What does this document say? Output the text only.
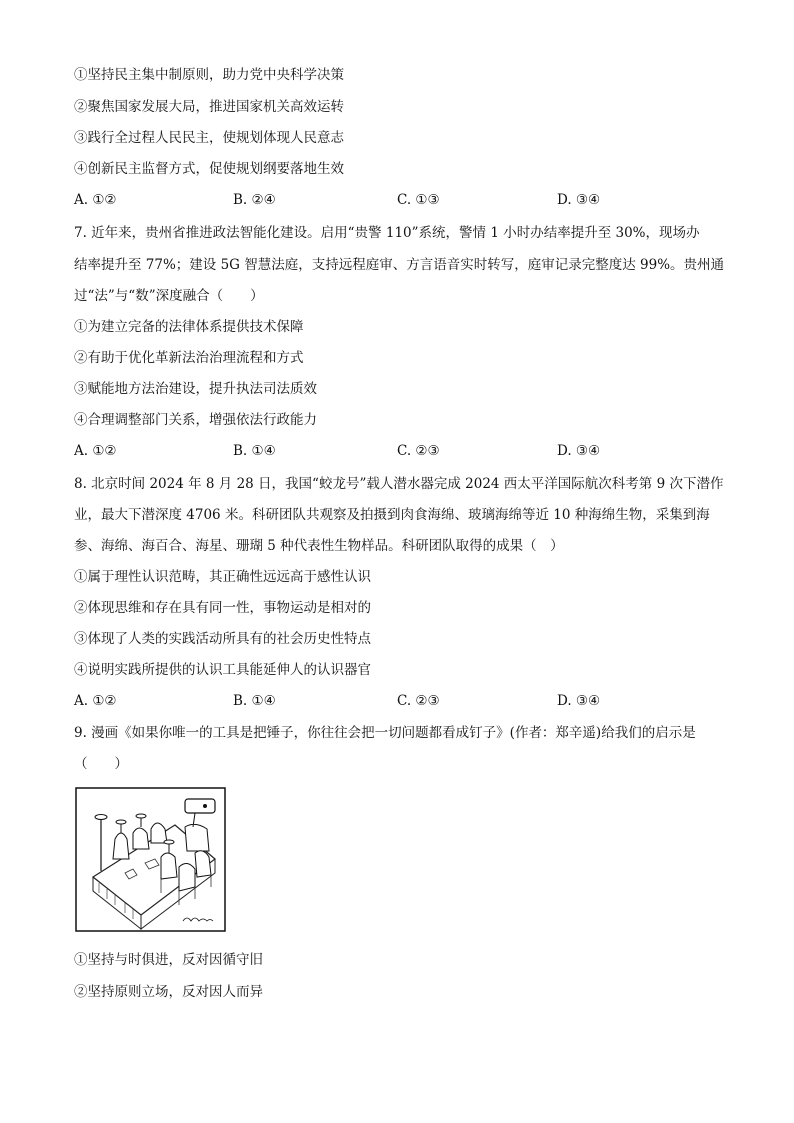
①坚持民主集中制原则，助力党中央科学决策
②聚焦国家发展大局，推进国家机关高效运转
③践行全过程人民民主，使规划体现人民意志
④创新民主监督方式，促使规划纲要落地生效
A. ①②	B. ②④	C. ①③	D. ③④
7. 近年来，贵州省推进政法智能化建设。启用“贵警 110”系统，警情 1 小时办结率提升至 30%，现场办
结率提升至 77%；建设 5G 智慧法庭，支持远程庭审、方言语音实时转写，庭审记录完整度达 99%。贵州通
过“法”与“数”深度融合（　　）
①为建立完备的法律体系提供技术保障
②有助于优化革新法治治理流程和方式
③赋能地方法治建设，提升执法司法质效
④合理调整部门关系，增强依法行政能力
A. ①②	B. ①④	C. ②③	D. ③④
8. 北京时间 2024 年 8 月 28 日，我国“蛟龙号”载人潜水器完成 2024 西太平洋国际航次科考第 9 次下潜作
业，最大下潜深度 4706 米。科研团队共观察及拍摄到肉食海绵、玻璃海绵等近 10 种海绵生物，采集到海
参、海绵、海百合、海星、珊瑚 5 种代表性生物样品。科研团队取得的成果（　）
①属于理性认识范畴，其正确性远远高于感性认识
②体现思维和存在具有同一性，事物运动是相对的
③体现了人类的实践活动所具有的社会历史性特点
④说明实践所提供的认识工具能延伸人的认识器官
A. ①②	B. ①④	C. ②③	D. ③④
9. 漫画《如果你唯一的工具是把锤子，你往往会把一切问题都看成钉子》(作者：郑辛遥)给我们的启示是
（　　）
①坚持与时俱进，反对因循守旧
②坚持原则立场，反对因人而异
